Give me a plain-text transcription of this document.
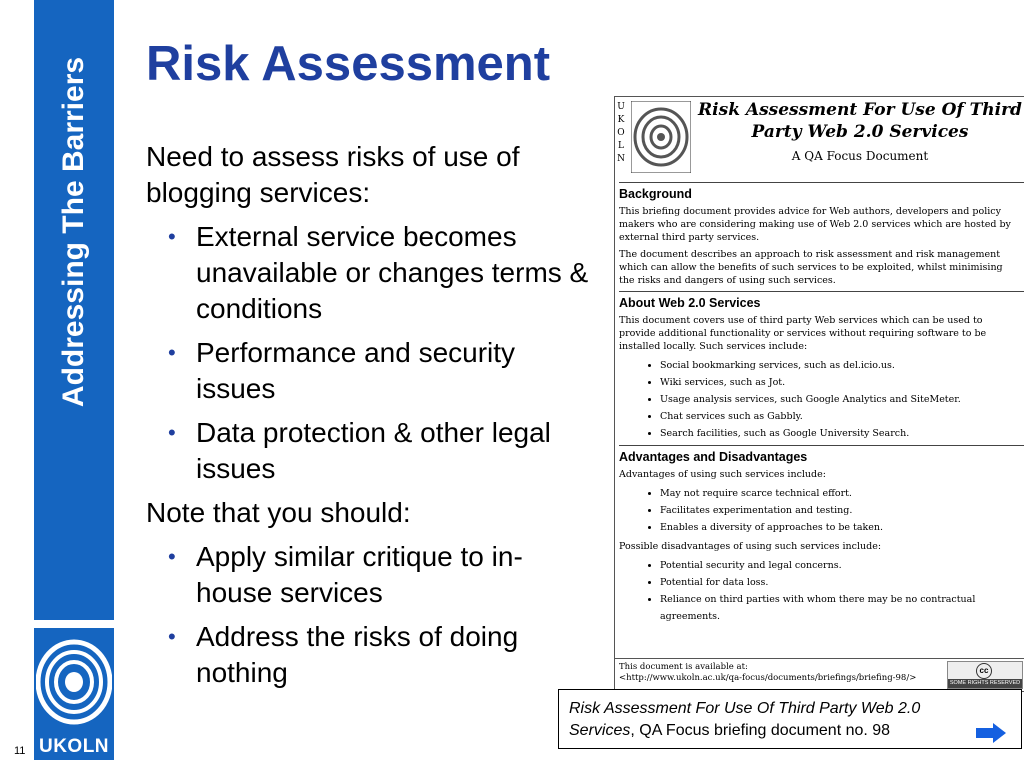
Addressing The Barriers
UKOLN
11
Risk Assessment
Need to assess risks of use of blogging services:
• External service becomes unavailable or changes terms & conditions
• Performance and security issues
• Data protection & other legal issues
Note that you should:
• Apply similar critique to in-house services
• Address the risks of doing nothing
UKOLN
Risk Assessment For Use Of Third Party Web 2.0 Services
A QA Focus Document
Background

This briefing document provides advice for Web authors, developers and policy makers who are considering making use of Web 2.0 services which are hosted by external third party services.

The document describes an approach to risk assessment and risk management which can allow the benefits of such services to be exploited, whilst minimising the risks and dangers of using such services.

About Web 2.0 Services

This document covers use of third party Web services which can be used to provide additional functionality or services without requiring software to be installed locally. Such services include:

• Social bookmarking services, such as del.icio.us.
• Wiki services, such as Jot.
• Usage analysis services, such Google Analytics and SiteMeter.
• Chat services such as Gabbly.
• Search facilities, such as Google University Search.
Advantages and Disadvantages

Advantages of using such services include:

• May not require scarce technical effort.
• Facilitates experimentation and testing.
• Enables a diversity of approaches to be taken.

Possible disadvantages of using such services include:

• Potential security and legal concerns.
• Potential for data loss.
• Reliance on third parties with whom there may be no contractual agreements.
This document is available at:
<http://www.ukoln.ac.uk/qa-focus/documents/briefings/briefing-98/>
cc
SOME RIGHTS RESERVED
Risk Assessment For Use Of Third Party Web 2.0 Services, QA Focus briefing document no. 98
